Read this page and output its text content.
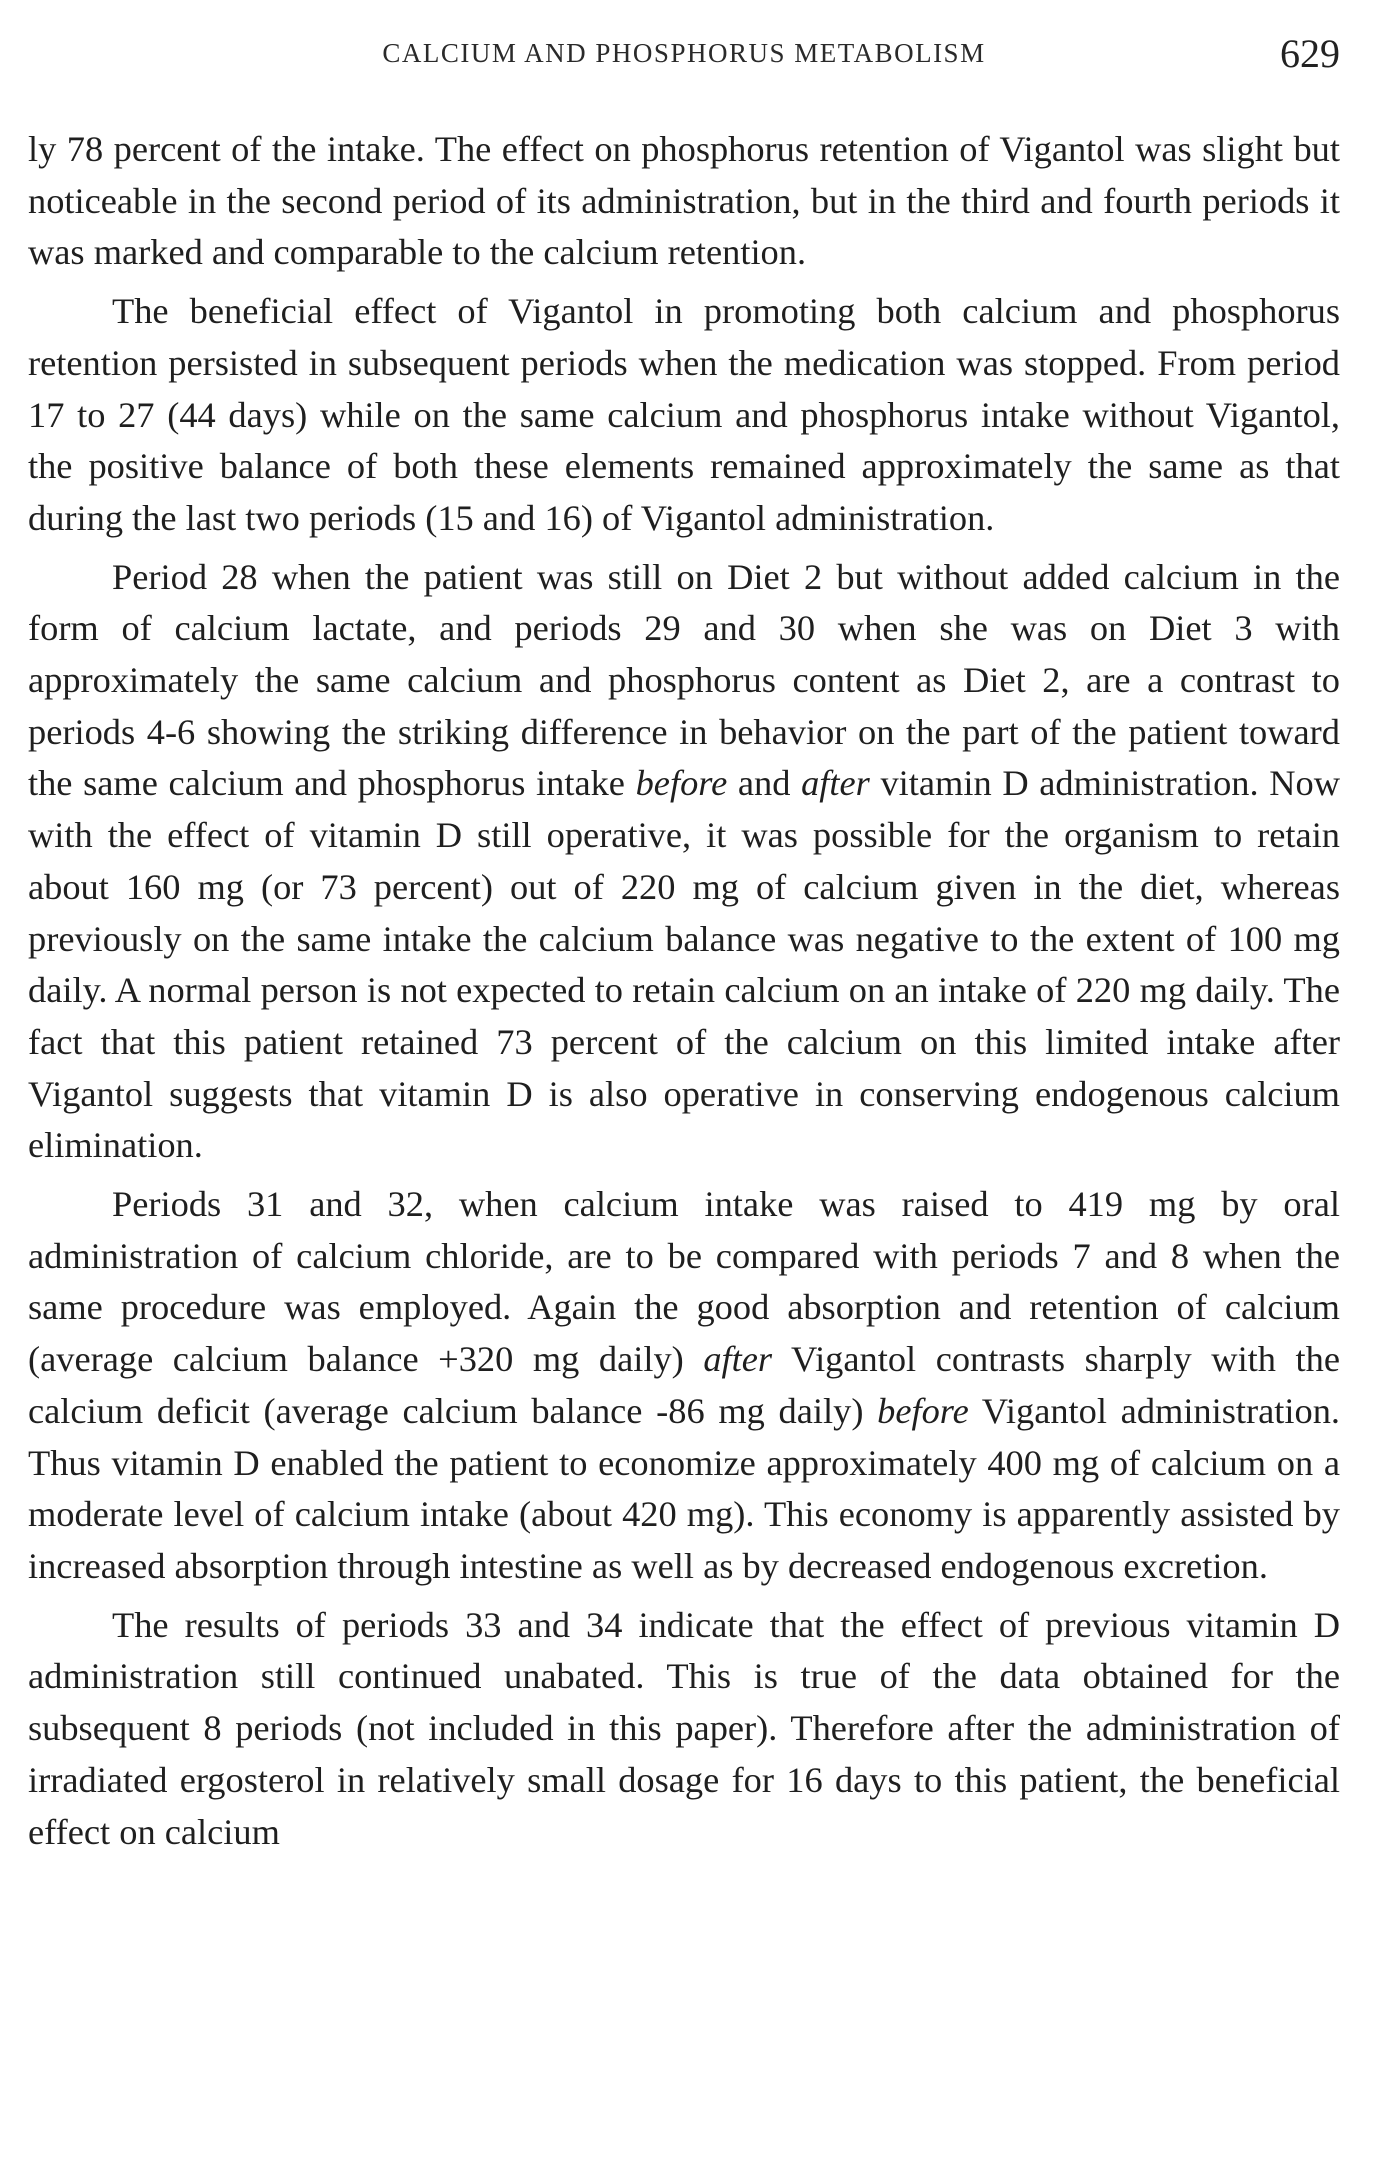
CALCIUM AND PHOSPHORUS METABOLISM	629

ly 78 percent of the intake. The effect on phosphorus retention of Vigantol was slight but noticeable in the second period of its administration, but in the third and fourth periods it was marked and comparable to the calcium retention.

The beneficial effect of Vigantol in promoting both calcium and phosphorus retention persisted in subsequent periods when the medication was stopped. From period 17 to 27 (44 days) while on the same calcium and phosphorus intake without Vigantol, the positive balance of both these elements remained approximately the same as that during the last two periods (15 and 16) of Vigantol administration.

Period 28 when the patient was still on Diet 2 but without added calcium in the form of calcium lactate, and periods 29 and 30 when she was on Diet 3 with approximately the same calcium and phosphorus content as Diet 2, are a contrast to periods 4-6 showing the striking difference in behavior on the part of the patient toward the same calcium and phosphorus intake before and after vitamin D administration. Now with the effect of vitamin D still operative, it was possible for the organism to retain about 160 mg (or 73 percent) out of 220 mg of calcium given in the diet, whereas previously on the same intake the calcium balance was negative to the extent of 100 mg daily. A normal person is not expected to retain calcium on an intake of 220 mg daily. The fact that this patient retained 73 percent of the calcium on this limited intake after Vigantol suggests that vitamin D is also operative in conserving endogenous calcium elimination.

Periods 31 and 32, when calcium intake was raised to 419 mg by oral administration of calcium chloride, are to be compared with periods 7 and 8 when the same procedure was employed. Again the good absorption and retention of calcium (average calcium balance +320 mg daily) after Vigantol contrasts sharply with the calcium deficit (average calcium balance -86 mg daily) before Vigantol administration. Thus vitamin D enabled the patient to economize approximately 400 mg of calcium on a moderate level of calcium intake (about 420 mg). This economy is apparently assisted by increased absorption through intestine as well as by decreased endogenous excretion.

The results of periods 33 and 34 indicate that the effect of previous vitamin D administration still continued unabated. This is true of the data obtained for the subsequent 8 periods (not included in this paper). Therefore after the administration of irradiated ergosterol in relatively small dosage for 16 days to this patient, the beneficial effect on calcium
